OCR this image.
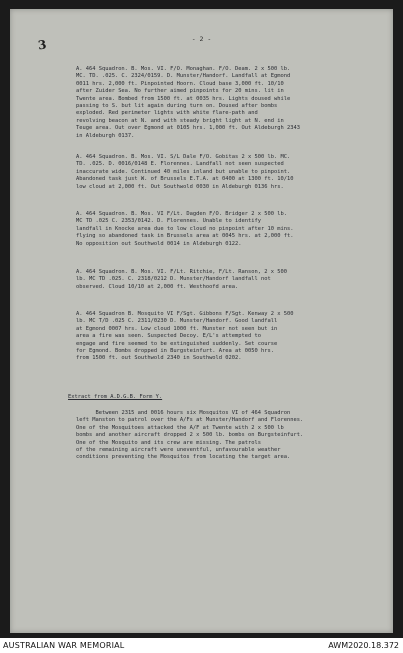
3	- 2 -
A. 464 Squadron. B. Mos. VI. F/O. Monaghan. F/O. Deam. 2 x 500 lb.
MC. TD. .025. C. 2324/0159. D. Munster/Handorf. Landfall at Egmond
0011 hrs. 2,000 ft. Pinpointed Hoorn. Cloud base 3,000 ft. 10/10
after Zuider Sea. No further aimed pinpoints for 20 mins. lit in
Twente area. Bombed from 1500 ft. at 0035 hrs. Lights doused while
passing to S. but lit again during turn on. Doused after bombs
exploded. Red perimeter lights with white flare-path and
revolving beacon at N. and with steady bright light at N. end in
Teuge area. Out over Egmond at 0105 hrs. 1,000 ft. Out Aldeburgh 2343
in Aldeburgh 0137.
A. 464 Squadron. B. Mos. VI. S/L Dale F/O. Gobitas 2 x 500 lb. MC.
TD. .025. D. 0016/0148 E. Florennes. Landfall not seen suspected
inaccurate wide. Continued 40 miles inland but unable to pinpoint.
Abandoned task just W. of Brussels E.T.A. at 0400 at 1300 ft. 10/10
low cloud at 2,000 ft. Out Southwold 0030 in Aldeburgh 0136 hrs.
A. 464 Squadron. B. Mos. VI F/Lt. Dagden F/O. Bridger 2 x 500 lb.
MC TD .025 C. 2353/0142. D. Florennes. Unable to identify
landfall in Knocke area due to low cloud no pinpoint after 10 mins.
flying so abandoned task in Brussels area at 0045 hrs. at 2,000 ft.
No opposition out Southwold 0014 in Aldeburgh 0122.
A. 464 Squadron. B. Mos. VI. F/Lt. Ritchie, F/Lt. Ranson, 2 x 500
lb. MC TD .025. C. 2318/0212 D. Munster/Handorf landfall not
observed. Cloud 10/10 at 2,000 ft. Westhoofd area.
A. 464 Squadron B. Mosquito VI F/Sgt. Gibbons F/Sgt. Kenway 2 x 500
lb. MC T/D .025 C. 2311/0230 D. Munster/Handorf. Good landfall
at Egmond 0007 hrs. Low cloud 1000 ft. Munster not seen but in
area a fire was seen. Suspected Decoy. E/L's attempted to
engage and fire seemed to be extinguished suddenly. Set course
for Egmond. Bombs dropped in Burgsteinfurt. Area at 0050 hrs.
from 1500 ft. out Southwold 2340 in Southwold 0202.
Extract from A.D.G.B. Form Y.
Between 2315 and 0016 hours six Mosquitos VI of 464 Squadron
left Manston to patrol over the A/Fs at Munster/Handorf and Florennes.
One of the Mosquitoes attacked the A/F at Twente with 2 x 500 lb
bombs and another aircraft dropped 2 x 500 lb. bombs on Burgsteinfurt.
One of the Mosquito and its crew are missing. The patrols
of the remaining aircraft were uneventful, unfavourable weather
conditions preventing the Mosquitos from locating the target area.
AUSTRALIAN WAR MEMORIAL	AWM2020.18.372
